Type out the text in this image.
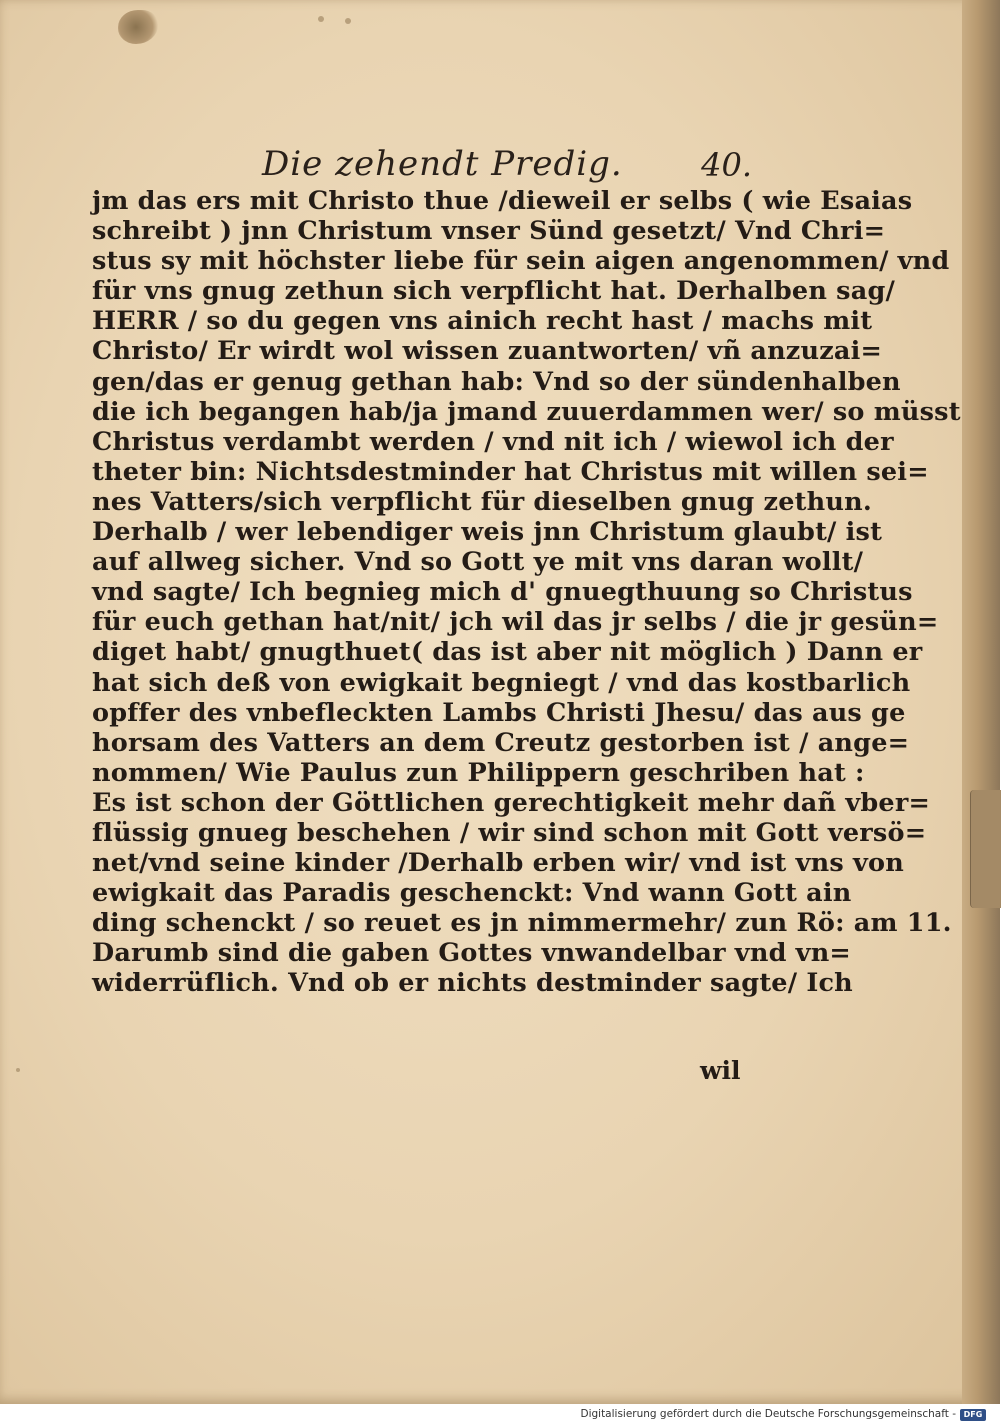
Die zehendt Predig. 40.
jm das ers mit Christo thue /dieweil er selbs ( wie Esaias
schreibt ) jnn Christum vnser Sünd gesetzt/ Vnd Chri=
stus sy mit höchster liebe für sein aigen angenommen/ vnd
für vns gnug zethun sich verpflicht hat. Derhalben sag/
HERR / so du gegen vns ainich recht hast / machs mit
Christo/ Er wirdt wol wissen zuantworten/ vñ anzuzai=
gen/das er genug gethan hab: Vnd so der sündenhalben
die ich begangen hab/ja jmand zuuerdammen wer/ so müsst
Christus verdambt werden / vnd nit ich / wiewol ich der
theter bin: Nichtsdestminder hat Christus mit willen sei=
nes Vatters/sich verpflicht für dieselben gnug zethun.
Derhalb / wer lebendiger weis jnn Christum glaubt/ ist
auf allweg sicher. Vnd so Gott ye mit vns daran wollt/
vnd sagte/ Ich begnieg mich d' gnuegthuung so Christus
für euch gethan hat/nit/ jch wil das jr selbs / die jr gesün=
diget habt/ gnugthuet( das ist aber nit möglich ) Dann er
hat sich deß von ewigkait begniegt / vnd das kostbarlich
opffer des vnbefleckten Lambs Christi Jhesu/ das aus ge
horsam des Vatters an dem Creutz gestorben ist / ange=
nommen/ Wie Paulus zun Philippern geschriben hat :
Es ist schon der Göttlichen gerechtigkeit mehr dañ vber=
flüssig gnueg beschehen / wir sind schon mit Gott versö=
net/vnd seine kinder /Derhalb erben wir/ vnd ist vns von
ewigkait das Paradis geschenckt: Vnd wann Gott ain
ding schenckt / so reuet es jn nimmermehr/ zun Rö: am 11.
Darumb sind die gaben Gottes vnwandelbar vnd vn=
widerrüflich. Vnd ob er nichts destminder sagte/ Ich
wil
Digitalisierung gefördert durch die Deutsche Forschungsgemeinschaft - DFG
